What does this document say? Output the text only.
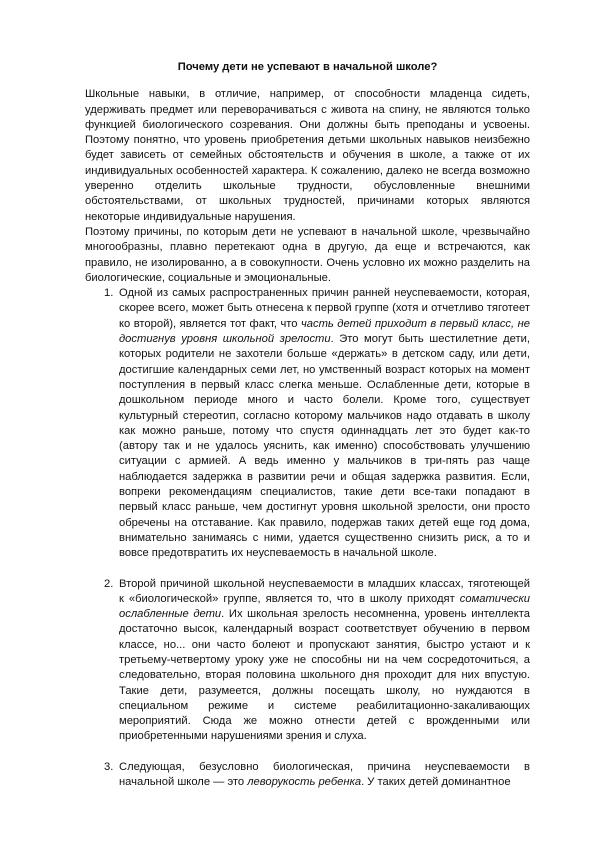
Почему дети не успевают в начальной школе?

Школьные навыки, в отличие, например, от способности младенца сидеть, удерживать предмет или переворачиваться с живота на спину, не являются только функцией биологического созревания. Они должны быть преподаны и усвоены. Поэтому понятно, что уровень приобретения детьми школьных навыков неизбежно будет зависеть от семейных обстоятельств и обучения в школе, а также от их индивидуальных особенностей характера. К сожалению, далеко не всегда возможно уверенно отделить школьные трудности, обусловленные внешними обстоятельствами, от школьных трудностей, причинами которых являются некоторые индивидуальные нарушения.

Поэтому причины, по которым дети не успевают в начальной школе, чрезвычайно многообразны, плавно перетекают одна в другую, да еще и встречаются, как правило, не изолированно, а в совокупности. Очень условно их можно разделить на биологические, социальные и эмоциональные.

1. Одной из самых распространенных причин ранней неуспеваемости, которая, скорее всего, может быть отнесена к первой группе (хотя и отчетливо тяготеет ко второй), является тот факт, что часть детей приходит в первый класс, не достигнув уровня школьной зрелости. Это могут быть шестилетние дети, которых родители не захотели больше «держать» в детском саду, или дети, достигшие календарных семи лет, но умственный возраст которых на момент поступления в первый класс слегка меньше. Ослабленные дети, которые в дошкольном периоде много и часто болели. Кроме того, существует культурный стереотип, согласно которому мальчиков надо отдавать в школу как можно раньше, потому что спустя одиннадцать лет это будет как-то (автору так и не удалось уяснить, как именно) способствовать улучшению ситуации с армией. А ведь именно у мальчиков в три-пять раз чаще наблюдается задержка в развитии речи и общая задержка развития. Если, вопреки рекомендациям специалистов, такие дети все-таки попадают в первый класс раньше, чем достигнут уровня школьной зрелости, они просто обречены на отставание. Как правило, подержав таких детей еще год дома, внимательно занимаясь с ними, удается существенно снизить риск, а то и вовсе предотвратить их неуспеваемость в начальной школе.
2. Второй причиной школьной неуспеваемости в младших классах, тяготеющей к «биологической» группе, является то, что в школу приходят соматически ослабленные дети. Их школьная зрелость несомненна, уровень интеллекта достаточно высок, календарный возраст соответствует обучению в первом классе, но... они часто болеют и пропускают занятия, быстро устают и к третьему-четвертому уроку уже не способны ни на чем сосредоточиться, а следовательно, вторая половина школьного дня проходит для них впустую. Такие дети, разумеется, должны посещать школу, но нуждаются в специальном режиме и системе реабилитационно-закаливающих мероприятий. Сюда же можно отнести детей с врожденными или приобретенными нарушениями зрения и слуха.
3. Следующая, безусловно биологическая, причина неуспеваемости в начальной школе — это леворукость ребенка. У таких детей доминантное
